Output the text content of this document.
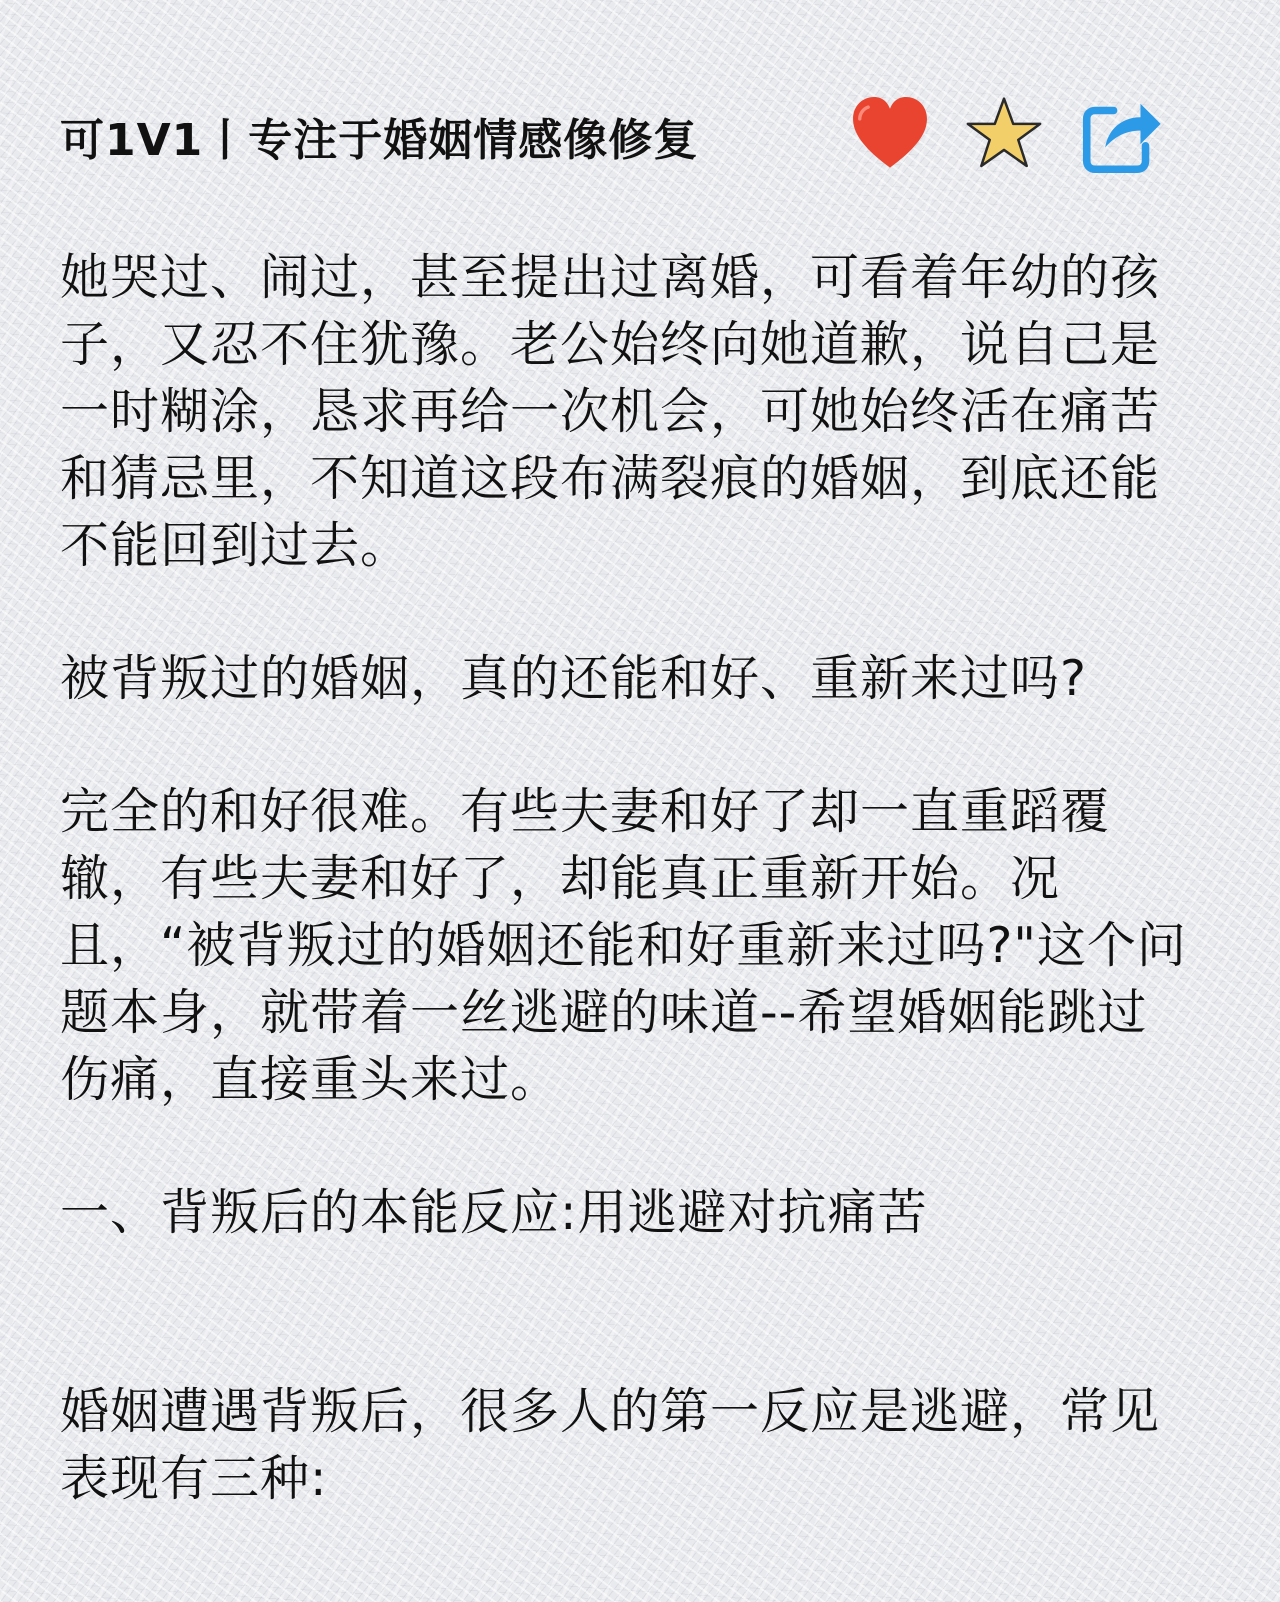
可1V1丨专注于婚姻情感像修复

她哭过、闹过，甚至提出过离婚，可看着年幼的孩子，又忍不住犹豫。老公始终向她道歉，说自己是一时糊涂，恳求再给一次机会，可她始终活在痛苦和猜忌里，不知道这段布满裂痕的婚姻，到底还能不能回到过去。

被背叛过的婚姻，真的还能和好、重新来过吗?

完全的和好很难。有些夫妻和好了却一直重蹈覆辙，有些夫妻和好了，却能真正重新开始。况且，“被背叛过的婚姻还能和好重新来过吗?"这个问题本身，就带着一丝逃避的味道--希望婚姻能跳过伤痛，直接重头来过。

一、背叛后的本能反应:用逃避对抗痛苦

婚姻遭遇背叛后，很多人的第一反应是逃避，常见表现有三种:
